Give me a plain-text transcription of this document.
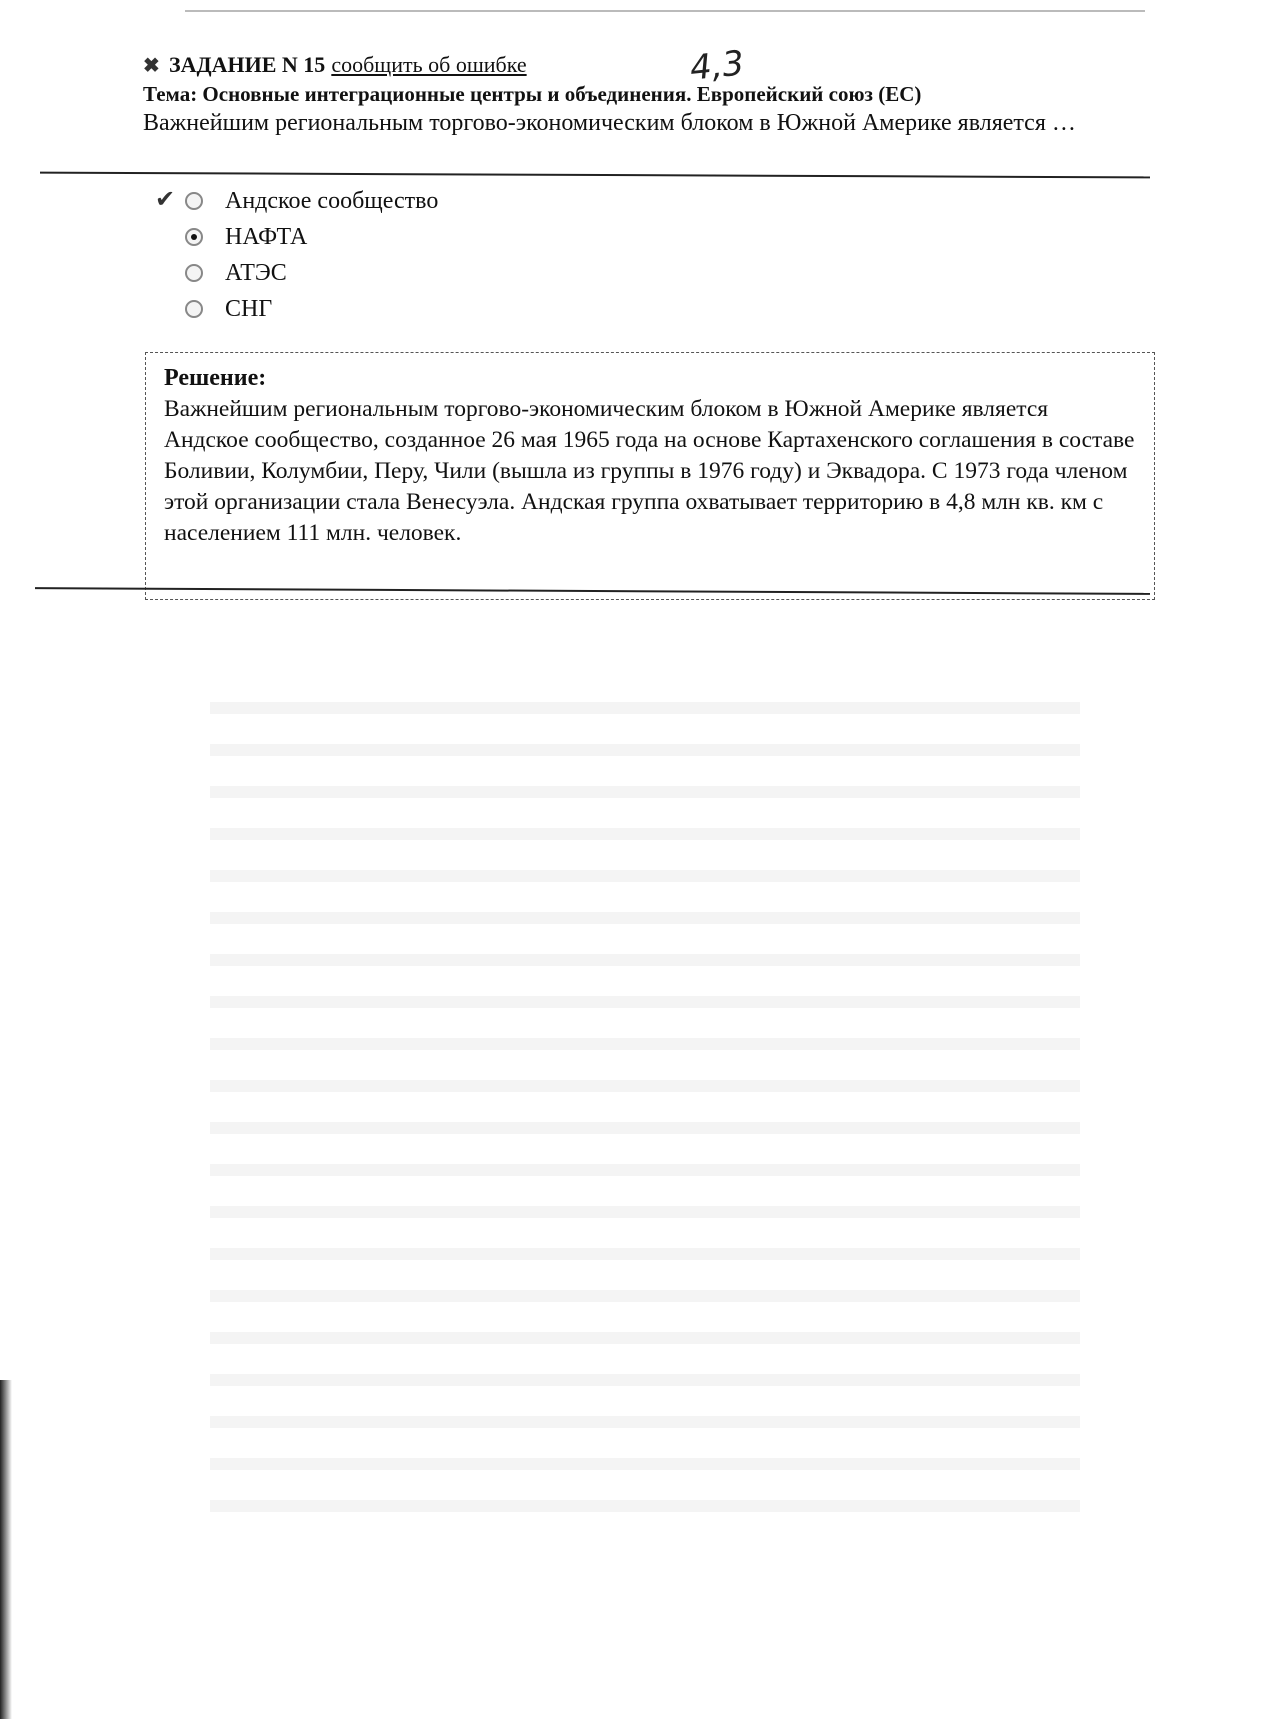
✖ ЗАДАНИЕ N 15 сообщить об ошибке	4,3
Тема: Основные интеграционные центры и объединения. Европейский союз (ЕС)
Важнейшим региональным торгово-экономическим блоком в Южной Америке является …
✔ Андское сообщество
НАФТА
АТЭС
СНГ
Решение:
Важнейшим региональным торгово-экономическим блоком в Южной Америке является Андское сообщество, созданное 26 мая 1965 года на основе Картахенского соглашения в составе Боливии, Колумбии, Перу, Чили (вышла из группы в 1976 году) и Эквадора. С 1973 года членом этой организации стала Венесуэла. Андская группа охватывает территорию в 4,8 млн кв. км с населением 111 млн. человек.
